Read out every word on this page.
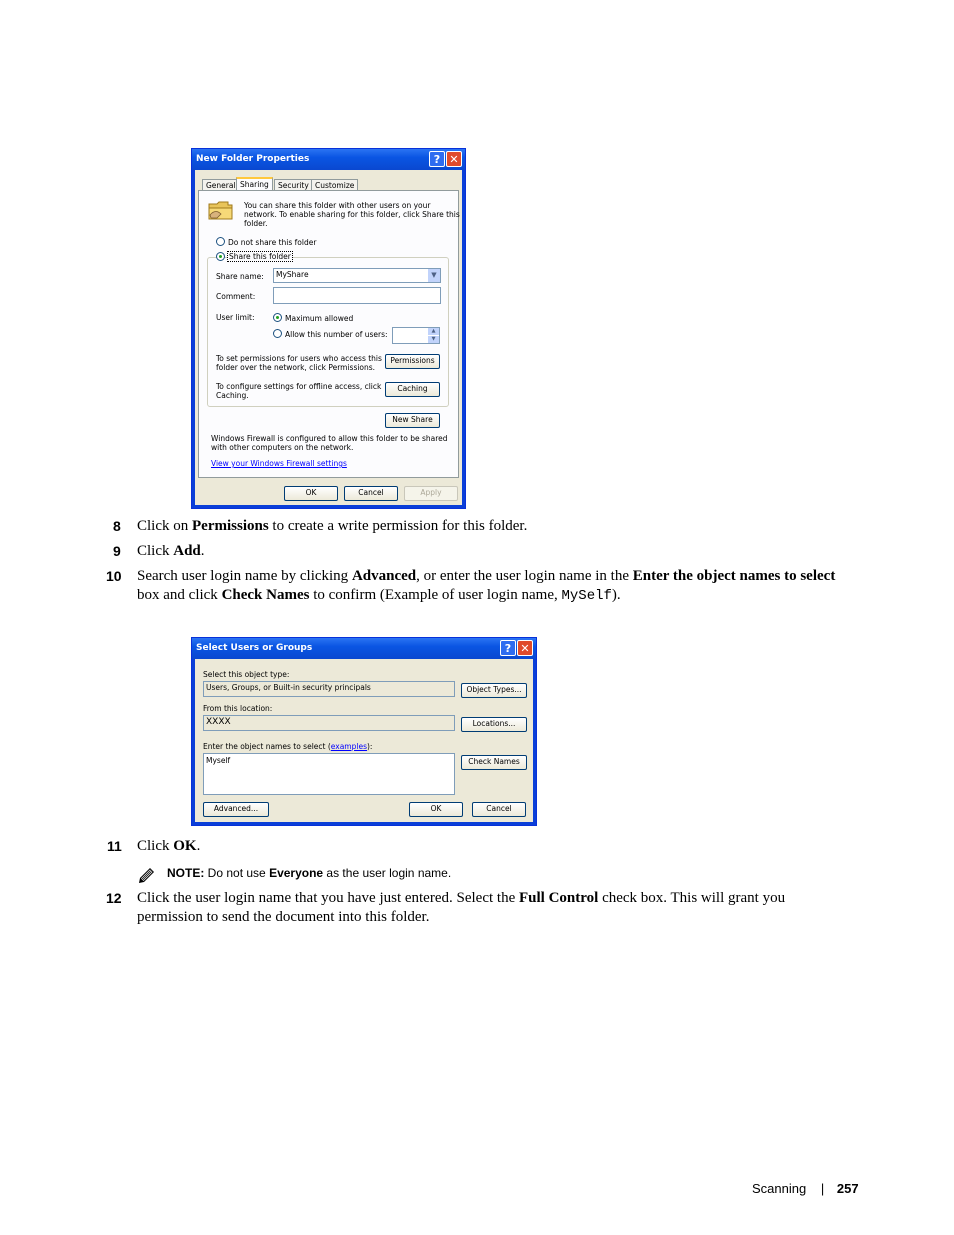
New Folder Properties	? ✕
General Sharing	Security Customize
You can share this folder with other users on your
network. To enable sharing for this folder, click Share this
folder.
Do not share this folder
Share this folder
Share name:	MyShare	▼
Comment:
User limit:	Maximum allowed
Allow this number of users:	▲
▼
To set permissions for users who access this
folder over the network, click Permissions.
Permissions
To configure settings for offline access, click
Caching.
Caching
New Share
Windows Firewall is configured to allow this folder to be shared
with other computers on the network.
View your Windows Firewall settings
OK	Cancel	Apply
8 Click on Permissions to create a write permission for this folder.
9 Click Add.
10 Search user login name by clicking Advanced, or enter the user login name in the Enter the object names to select
box and click Check Names to confirm (Example of user login name, MySelf).
Select Users or Groups	? ✕
Select this object type:
Users, Groups, or Built-in security principals	Object Types...
From this location:
XXXX	Locations...
Enter the object names to select (examples):
Myself	Check Names
Advanced...	OK	Cancel
11 Click OK.
NOTE: Do not use Everyone as the user login name.
12 Click the user login name that you have just entered. Select the Full Control check box. This will grant you
permission to send the document into this folder.
Scanning | 257
